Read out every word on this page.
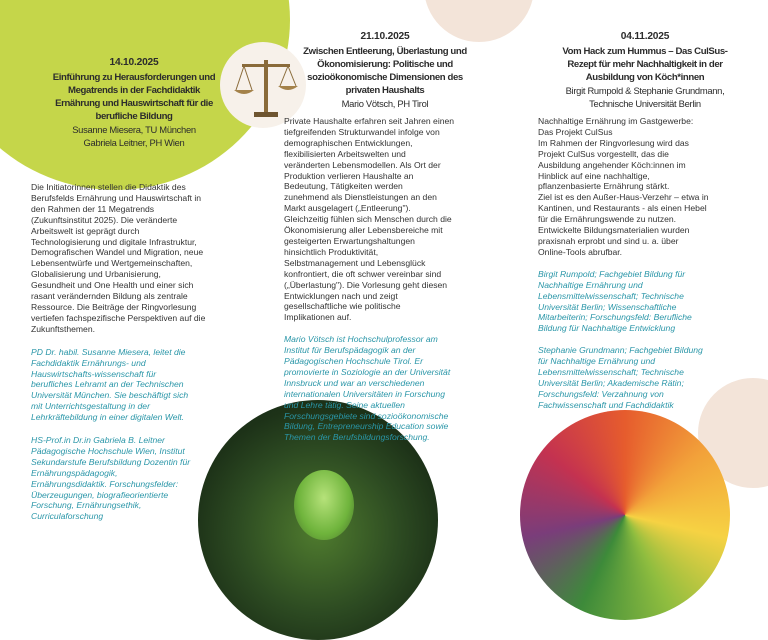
14.10.2025

Einführung zu Herausforderungen und
Megatrends in der Fachdidaktik
Ernährung und Hauswirtschaft für die
berufliche Bildung

Susanne Miesera, TU München
Gabriela Leitner, PH Wien

Die Initiatorinnen stellen die Didaktik des
Berufsfelds Ernährung und Hauswirtschaft in
den Rahmen der 11 Megatrends
(Zukunftsinstitut 2025). Die veränderte
Arbeitswelt ist geprägt durch
Technologisierung und digitale Infrastruktur,
Demografischen Wandel und Migration, neue
Lebensentwürfe und Wertgemeinschaften,
Globalisierung und Urbanisierung,
Gesundheit und One Health und einer sich
rasant verändernden Bildung als zentrale
Ressource. Die Beiträge der Ringvorlesung
vertiefen fachspezifische Perspektiven auf die
Zukunftsthemen.

PD Dr. habil. Susanne Miesera, leitet die
Fachdidaktik Ernährungs- und
Hauswirtschafts-wissenschaft für
berufliches Lehramt an der Technischen
Universität München. Sie beschäftigt sich
mit Unterrichtsgestaltung in der
Lehrkräftebildung in einer digitalen Welt.

HS-Prof.in Dr.in Gabriela B. Leitner
Pädagogische Hochschule Wien, Institut
Sekundarstufe Berufsbildung Dozentin für
Ernährungspädagogik,
Ernährungsdidaktik. Forschungsfelder:
Überzeugungen, biografieorientierte
Forschung, Ernährungsethik,
Curriculaforschung

21.10.2025

Zwischen Entleerung, Überlastung und
Ökonomisierung: Politische und
sozioökonomische Dimensionen des
privaten Haushalts

Mario Vötsch, PH Tirol

Private Haushalte erfahren seit Jahren einen
tiefgreifenden Strukturwandel infolge von
demographischen Entwicklungen,
flexibilisierten Arbeitswelten und
veränderten Lebensmodellen. Als Ort der
Produktion verlieren Haushalte an
Bedeutung, Tätigkeiten werden
zunehmend als Dienstleistungen an den
Markt ausgelagert („Entleerung").
Gleichzeitig fühlen sich Menschen durch die
Ökonomisierung aller Lebensbereiche mit
gesteigerten Erwartungshaltungen
hinsichtlich Produktivität,
Selbstmanagement und Lebensglück
konfrontiert, die oft schwer vereinbar sind
(„Überlastung"). Die Vorlesung geht diesen
Entwicklungen nach und zeigt
gesellschaftliche wie politische
Implikationen auf.

Mario Vötsch ist Hochschulprofessor am
Institut für Berufspädagogik an der
Pädagogischen Hochschule Tirol. Er
promovierte in Soziologie an der Universität
Innsbruck und war an verschiedenen
internationalen Universitäten in Forschung
und Lehre tätig. Seine aktuellen
Forschungsgebiete sind sozioökonomische
Bildung, Entrepreneurship Education sowie
Themen der Berufsbildungsforschung.

04.11.2025

Vom Hack zum Hummus – Das CulSus-
Rezept für mehr Nachhaltigkeit in der
Ausbildung von Köch*innen

Birgit Rumpold & Stephanie Grundmann,
Technische Universität Berlin

Nachhaltige Ernährung im Gastgewerbe:
Das Projekt CulSus
Im Rahmen der Ringvorlesung wird das
Projekt CulSus vorgestellt, das die
Ausbildung angehender Köch:innen im
Hinblick auf eine nachhaltige,
pflanzenbasierte Ernährung stärkt.
Ziel ist es den Außer-Haus-Verzehr – etwa in
Kantinen, und Restaurants - als einen Hebel
für die Ernährungswende zu nutzen.
Entwickelte Bildungsmaterialien wurden
praxisnah erprobt und sind u. a. über
Online-Tools abrufbar.

Birgit Rumpold; Fachgebiet Bildung für
Nachhaltige Ernährung und
Lebensmittelwissenschaft; Technische
Universität Berlin; Wissenschaftliche
Mitarbeiterin; Forschungsfeld: Berufliche
Bildung für Nachhaltige Entwicklung

Stephanie Grundmann; Fachgebiet Bildung
für Nachhaltige Ernährung und
Lebensmittelwissenschaft; Technische
Universität Berlin; Akademische Rätin;
Forschungsfeld: Verzahnung von
Fachwissenschaft und Fachdidaktik
